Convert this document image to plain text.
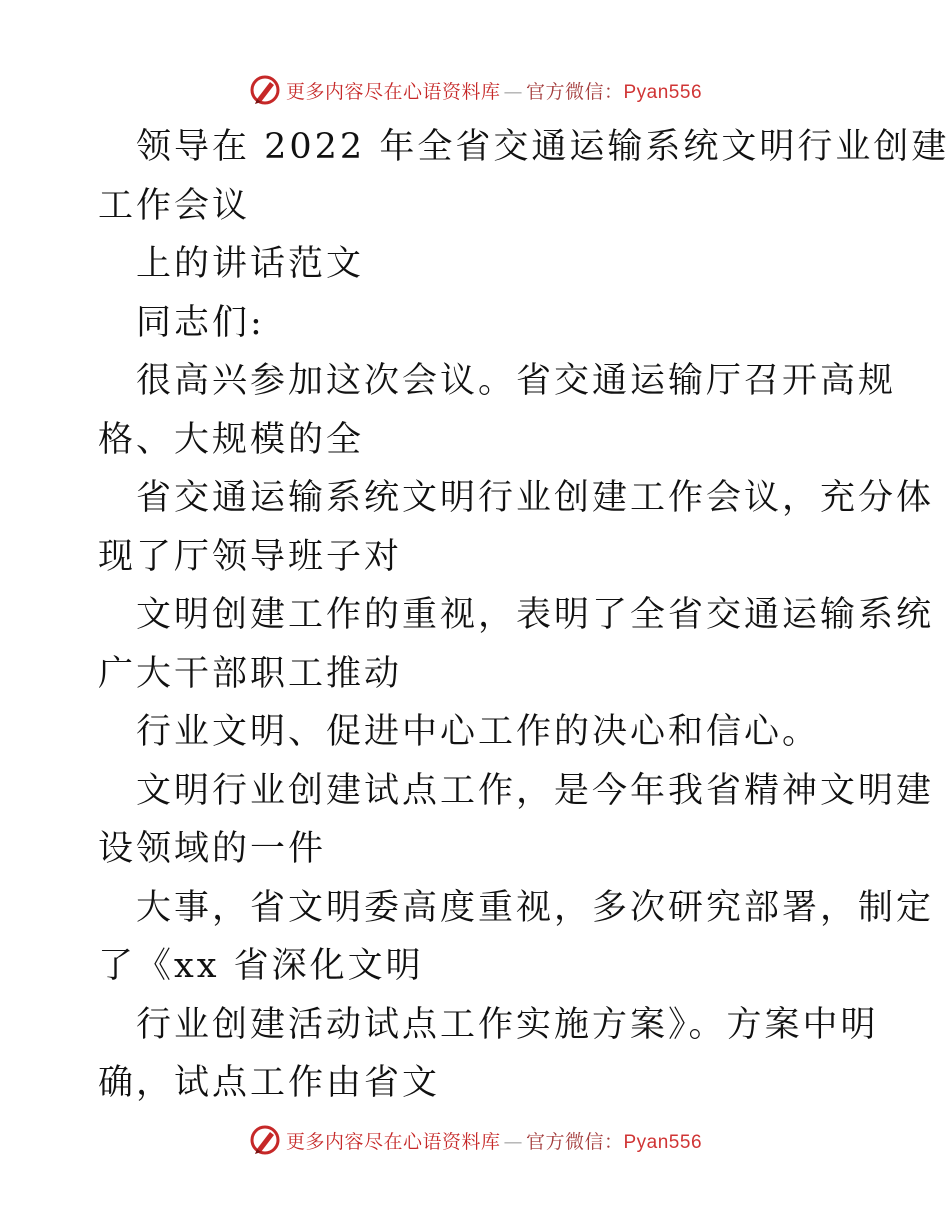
更多内容尽在心语资料库 — 官方微信：Pyan556
领导在 2022 年全省交通运输系统文明行业创建
工作会议
上的讲话范文
同志们:
很高兴参加这次会议。省交通运输厅召开高规
格、大规模的全
省交通运输系统文明行业创建工作会议，充分体
现了厅领导班子对
文明创建工作的重视，表明了全省交通运输系统
广大干部职工推动
行业文明、促进中心工作的决心和信心。
文明行业创建试点工作，是今年我省精神文明建
设领域的一件
大事，省文明委高度重视，多次研究部署，制定
了《xx 省深化文明
行业创建活动试点工作实施方案》。方案中明
确，试点工作由省文
更多内容尽在心语资料库 — 官方微信：Pyan556
